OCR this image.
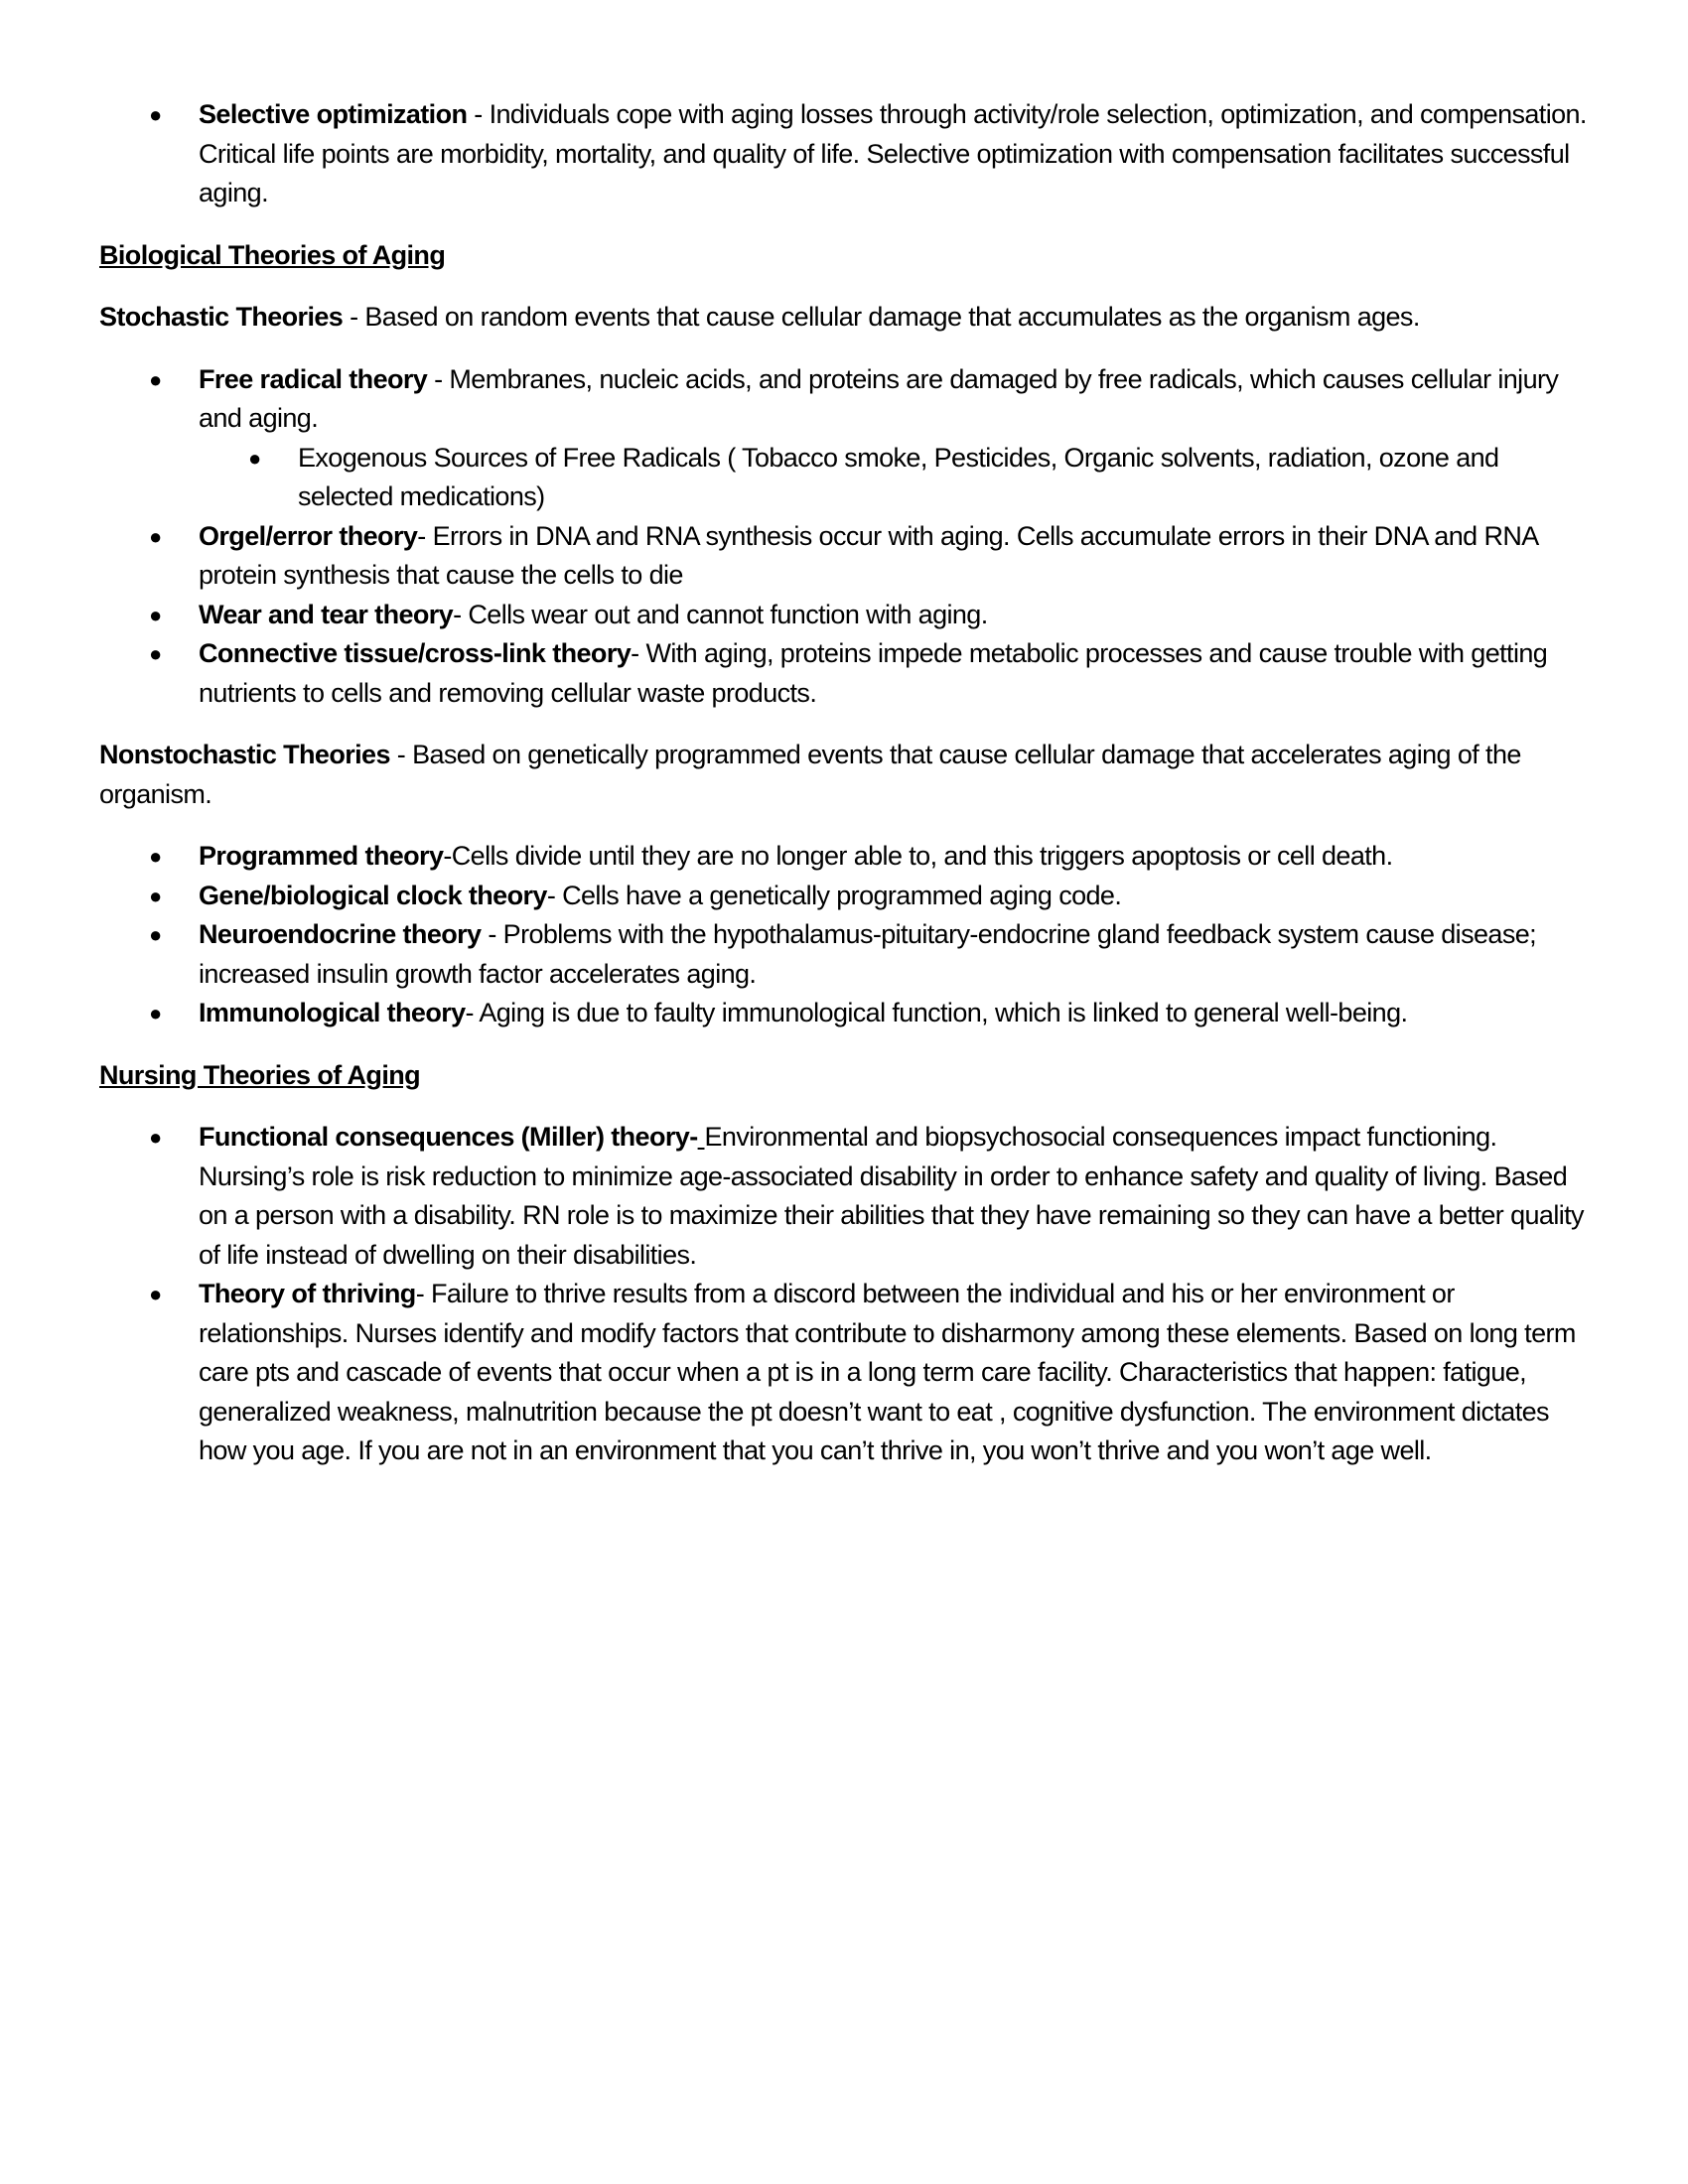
● Selective optimization - Individuals cope with aging losses through activity/role selection, optimization, and compensation. Critical life points are morbidity, mortality, and quality of life. Selective optimization with compensation facilitates successful aging.

Biological Theories of Aging

Stochastic Theories - Based on random events that cause cellular damage that accumulates as the organism ages.

● Free radical theory - Membranes, nucleic acids, and proteins are damaged by free radicals, which causes cellular injury and aging.
● Exogenous Sources of Free Radicals ( Tobacco smoke, Pesticides, Organic solvents, radiation, ozone and selected medications)
● Orgel/error theory- Errors in DNA and RNA synthesis occur with aging. Cells accumulate errors in their DNA and RNA protein synthesis that cause the cells to die
● Wear and tear theory- Cells wear out and cannot function with aging.
● Connective tissue/cross-link theory- With aging, proteins impede metabolic processes and cause trouble with getting nutrients to cells and removing cellular waste products.

Nonstochastic Theories - Based on genetically programmed events that cause cellular damage that accelerates aging of the organism.

● Programmed theory-Cells divide until they are no longer able to, and this triggers apoptosis or cell death.
● Gene/biological clock theory- Cells have a genetically programmed aging code.
● Neuroendocrine theory - Problems with the hypothalamus-pituitary-endocrine gland feedback system cause disease; increased insulin growth factor accelerates aging.
● Immunological theory- Aging is due to faulty immunological function, which is linked to general well-being.

Nursing Theories of Aging

● Functional consequences (Miller) theory- Environmental and biopsychosocial consequences impact functioning. Nursing’s role is risk reduction to minimize age-associated disability in order to enhance safety and quality of living. Based on a person with a disability. RN role is to maximize their abilities that they have remaining so they can have a better quality of life instead of dwelling on their disabilities.
● Theory of thriving- Failure to thrive results from a discord between the individual and his or her environment or relationships. Nurses identify and modify factors that contribute to disharmony among these elements. Based on long term care pts and cascade of events that occur when a pt is in a long term care facility. Characteristics that happen: fatigue, generalized weakness, malnutrition because the pt doesn’t want to eat , cognitive dysfunction. The environment dictates how you age. If you are not in an environment that you can’t thrive in, you won’t thrive and you won’t age well.
